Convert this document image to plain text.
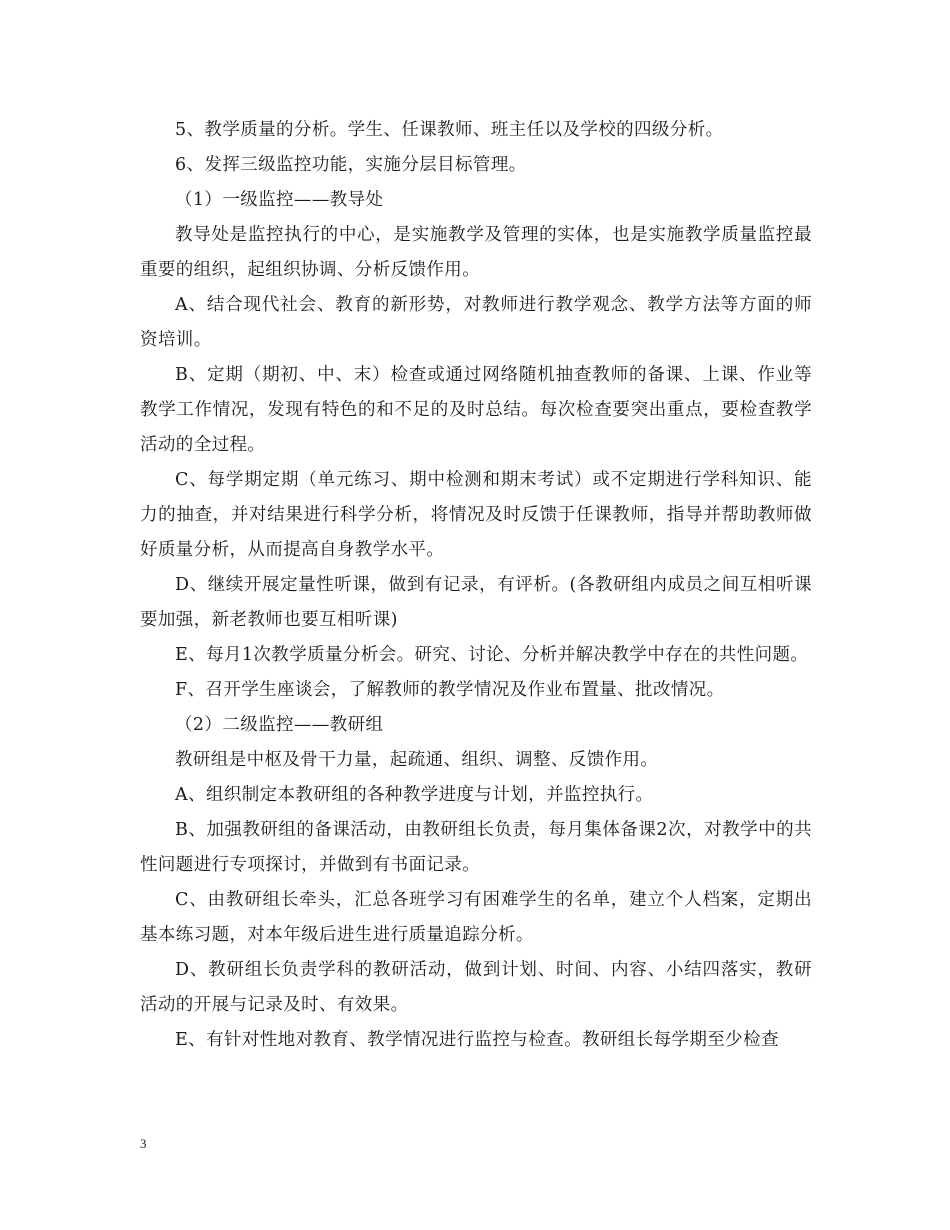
5、教学质量的分析。学生、任课教师、班主任以及学校的四级分析。

6、发挥三级监控功能，实施分层目标管理。

（1）一级监控——教导处

教导处是监控执行的中心，是实施教学及管理的实体，也是实施教学质量监控最重要的组织，起组织协调、分析反馈作用。

A、结合现代社会、教育的新形势，对教师进行教学观念、教学方法等方面的师资培训。

B、定期（期初、中、末）检查或通过网络随机抽查教师的备课、上课、作业等教学工作情况，发现有特色的和不足的及时总结。每次检查要突出重点，要检查教学活动的全过程。

C、每学期定期（单元练习、期中检测和期末考试）或不定期进行学科知识、能力的抽查，并对结果进行科学分析，将情况及时反馈于任课教师，指导并帮助教师做好质量分析，从而提高自身教学水平。

D、继续开展定量性听课，做到有记录，有评析。(各教研组内成员之间互相听课要加强，新老教师也要互相听课)

E、每月1次教学质量分析会。研究、讨论、分析并解决教学中存在的共性问题。

F、召开学生座谈会，了解教师的教学情况及作业布置量、批改情况。

（2）二级监控——教研组

教研组是中枢及骨干力量，起疏通、组织、调整、反馈作用。

A、组织制定本教研组的各种教学进度与计划，并监控执行。

B、加强教研组的备课活动，由教研组长负责，每月集体备课2次，对教学中的共性问题进行专项探讨，并做到有书面记录。

C、由教研组长牵头，汇总各班学习有困难学生的名单，建立个人档案，定期出基本练习题，对本年级后进生进行质量追踪分析。

D、教研组长负责学科的教研活动，做到计划、时间、内容、小结四落实，教研活动的开展与记录及时、有效果。

E、有针对性地对教育、教学情况进行监控与检查。教研组长每学期至少检查

3
